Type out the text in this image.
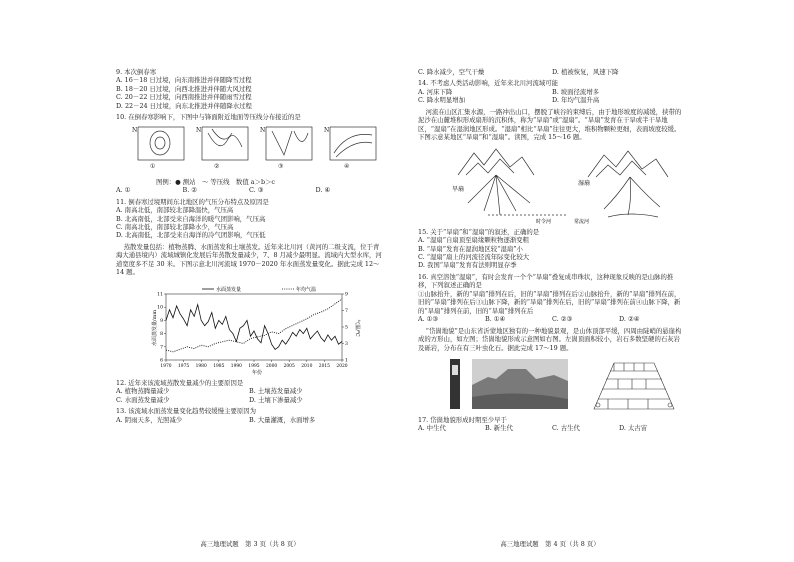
9. 本次倒春寒

A. 16－18 日过境，向东南推进并伴随降雪过程

B. 18－20 日过境，向西北推进并伴随大风过程

C. 20－22 日过境，向西南推进并伴随雨雪过程

D. 22－24 日过境，向东北推进并伴随降水过程

10. 在倒春寒影响下，下图中与锋面附近地面等压线分布接近的是

N	N	N	N
①	②	③	④

图例：● 测站　～ 等压线　数值 a＞b＞c

A. ①	B. ②	C. ③	D. ④

11. 倒春寒过境期间东北地区的气压分布特点及原因是

A. 南高北低，南部较北部降温快，气压高

B. 北高南低，北部受来自海洋的暖气团影响，气压高

C. 南高北低，南部较北部降水少，气压高

D. 北高南低，北部受来自海洋的冷气团影响，气压低

蒸散发量包括：植物蒸腾、水面蒸发和土壤蒸发。近年来北川河（黄河的二级支流，位于青海大通县境内）流域城镇化发展后年蒸散发量减少，7、8 月减少最明显。流域内大型水库，河道宽度多不足 30 米。下图示意北川河流域 1970－2020 年水面蒸发量变化。据此完成 12～14 题。

水面蒸发量/mm	气温/℃
年份
水面蒸发量	年均气温
1970 1975 1980 1985 1990 1995 2000 2005 2010 2015 2020
6
7
8
9
10
11
1
3
5
7
9

12. 近年来该流域蒸散发量减少的主要原因是

A. 植物蒸腾量减少	B. 土壤蒸发量减少
C. 水面蒸发量减少	D. 土壤下渗量减少

13. 该流域水面蒸发量变化趋势较缓慢主要原因为

A. 阴雨天多，光照减少	B. 大量灌溉，水面增多
高三地理试题　第 3 页（共 8 页）
C. 降水减少，空气干燥	D. 植被恢复，风速下降

14. 不考虑人类活动影响，近年来北川河流域可能

A. 河床下降	B. 坡面径流增多
C. 降水明显增加	D. 年均气温升高

河流在山区汇集水源，一路冲出山口，摆脱了峡谷的束缚后，由于地形坡度的减缓，挟带的泥沙在山麓堆积形成扇形的沉积体，称为“旱扇”或“湿扇”。“旱扇”发育在干旱或半干旱地区，“湿扇”在湿润地区形成。“湿扇”相比“旱扇”往往更大，堆积物颗粒更细，表面坡度较缓。下图示意某地区“旱扇”和“湿扇”。读图，完成 15～16 题。

旱扇
湿扇
时令河	常流河

15. 关于“旱扇”和“湿扇”的叙述，正确的是

A. “湿扇”自扇顶至扇缘颗粒物逐渐变粗

B. “旱扇”发育在湿润地区较“湿扇”小

C. “湿扇”扇上的河流径流年际变化较大

D. 我国“旱扇”发育有法则明显存季

16. 真空溶蚀“湿扇”，有时会发育一个个“旱扇”叠复成串珠状，这种现象反映的是山脉的推移，下列叙述正确的是

①山脉抬升，新的“旱扇”排列在后，旧的“旱扇”排列在后②山脉抬升，新的“旱扇”排列在前，旧的“旱扇”排列在后③山脉下降，新的“旱扇”排列在后，旧的“旱扇”排列在前④山脉下降，新的“旱扇”排列在前，旧的“旱扇”排列在后

A. ①③	B. ①④	C. ②③	D. ②④

“岱崮地貌”是山东省沂蒙地区独有的一种地貌景观，是山体顶部平缓，四周由陡峭的悬崖构成的方形山，如左图；岱崮地貌形成示意图如右图。左崮顶面积较小，岩石多数坚硬的石灰岩及砾岩，分布在有三叶虫化石。据此完成 17～19 题。

17. 岱崮地貌形成时期至少早于

A. 中生代	B. 新生代	C. 古生代	D. 太古宙
高三地理试题　第 4 页（共 8 页）
